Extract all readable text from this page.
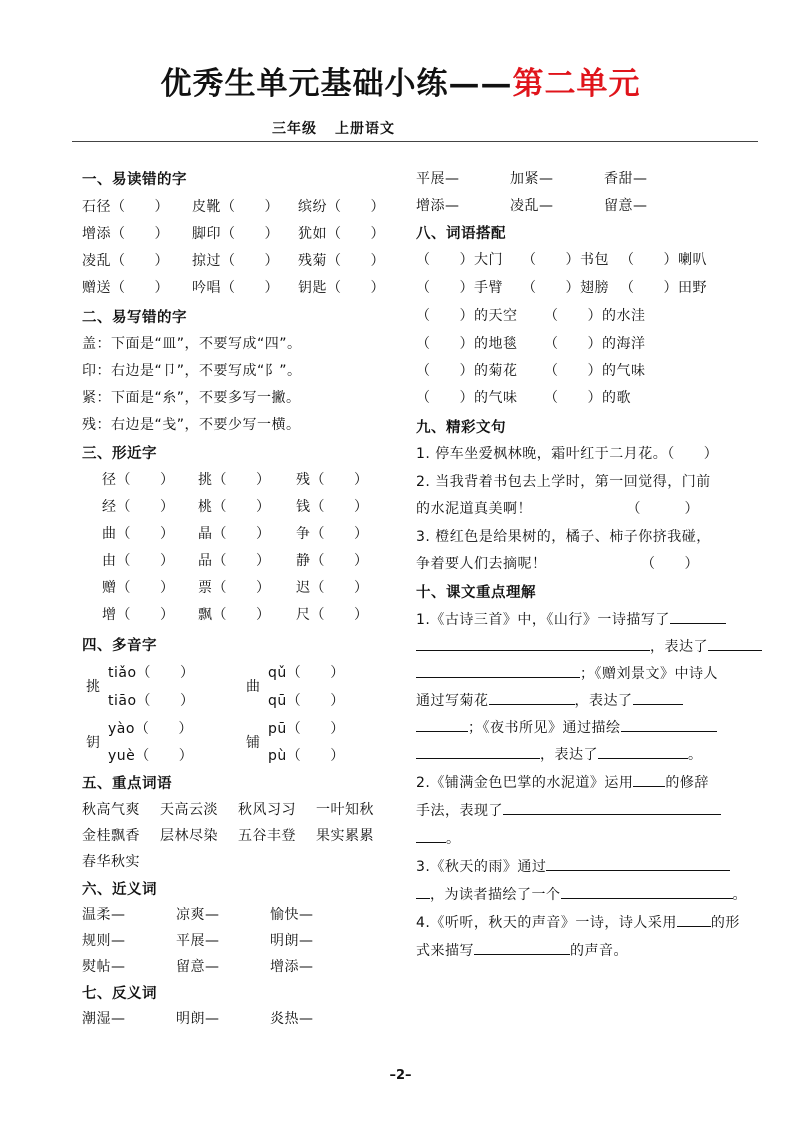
优秀生单元基础小练——第二单元
三年级 上册语文
一、易读错的字
石径（　　） 皮靴（　　） 缤纷（　　）
增添（　　） 脚印（　　） 犹如（　　）
凌乱（　　） 掠过（　　） 残菊（　　）
赠送（　　） 吟唱（　　） 钥匙（　　）
二、易写错的字
盖：下面是“皿”，不要写成“四”。
印：右边是“卩”，不要写成“阝”。
紧：下面是“糸”，不要多写一撇。
残：右边是“戋”，不要少写一横。
三、形近字
径（　　） 挑（　　） 残（　　）
经（　　） 桃（　　） 钱（　　）
曲（　　） 晶（　　） 争（　　）
由（　　） 品（　　） 静（　　）
赠（　　） 票（　　） 迟（　　）
增（　　） 飘（　　） 尺（　　）
四、多音字
挑
tiǎo（　　）
tiāo（　　）
曲
qǔ（　　）
qū（　　）
钥
yào（　　）
yuè（　　）
铺
pū（　　）
pù（　　）
五、重点词语
秋高气爽 天高云淡 秋风习习 一叶知秋
金桂飘香 层林尽染 五谷丰登 果实累累
春华秋实
六、近义词
温柔—	凉爽—	愉快—
规则—	平展—	明朗—
熨帖—	留意—	增添—
七、反义词
潮湿—	明朗—	炎热—
平展—	加紧—	香甜—
增添—	凌乱—	留意—
八、词语搭配
（　　）大门 （　　）书包 （　　）喇叭
（　　）手臂 （　　）翅膀 （　　）田野
（　　）的天空 （　　）的水洼
（　　）的地毯 （　　）的海洋
（　　）的菊花 （　　）的气味
（　　）的气味 （　　）的歌
九、精彩文句
1. 停车坐爱枫林晚，霜叶红于二月花。（　　）
2. 当我背着书包去上学时，第一回觉得，门前
的水泥道真美啊！　　　　　　　（　　　）
3. 橙红色是给果树的，橘子、柿子你挤我碰，
争着要人们去摘呢！　　　　　　　（　　）
十、课文重点理解
1.《古诗三首》中，《山行》一诗描写了
，表达了
；《赠刘景文》中诗人
通过写菊花	，表达了
；《夜书所见》通过描绘
，表达了	。
2.《铺满金色巴掌的水泥道》运用 的修辞
手法，表现了
。
3.《秋天的雨》通过
，为读者描绘了一个	。
4.《听听，秋天的声音》一诗，诗人采用 的形
式来描写	的声音。
–2–
